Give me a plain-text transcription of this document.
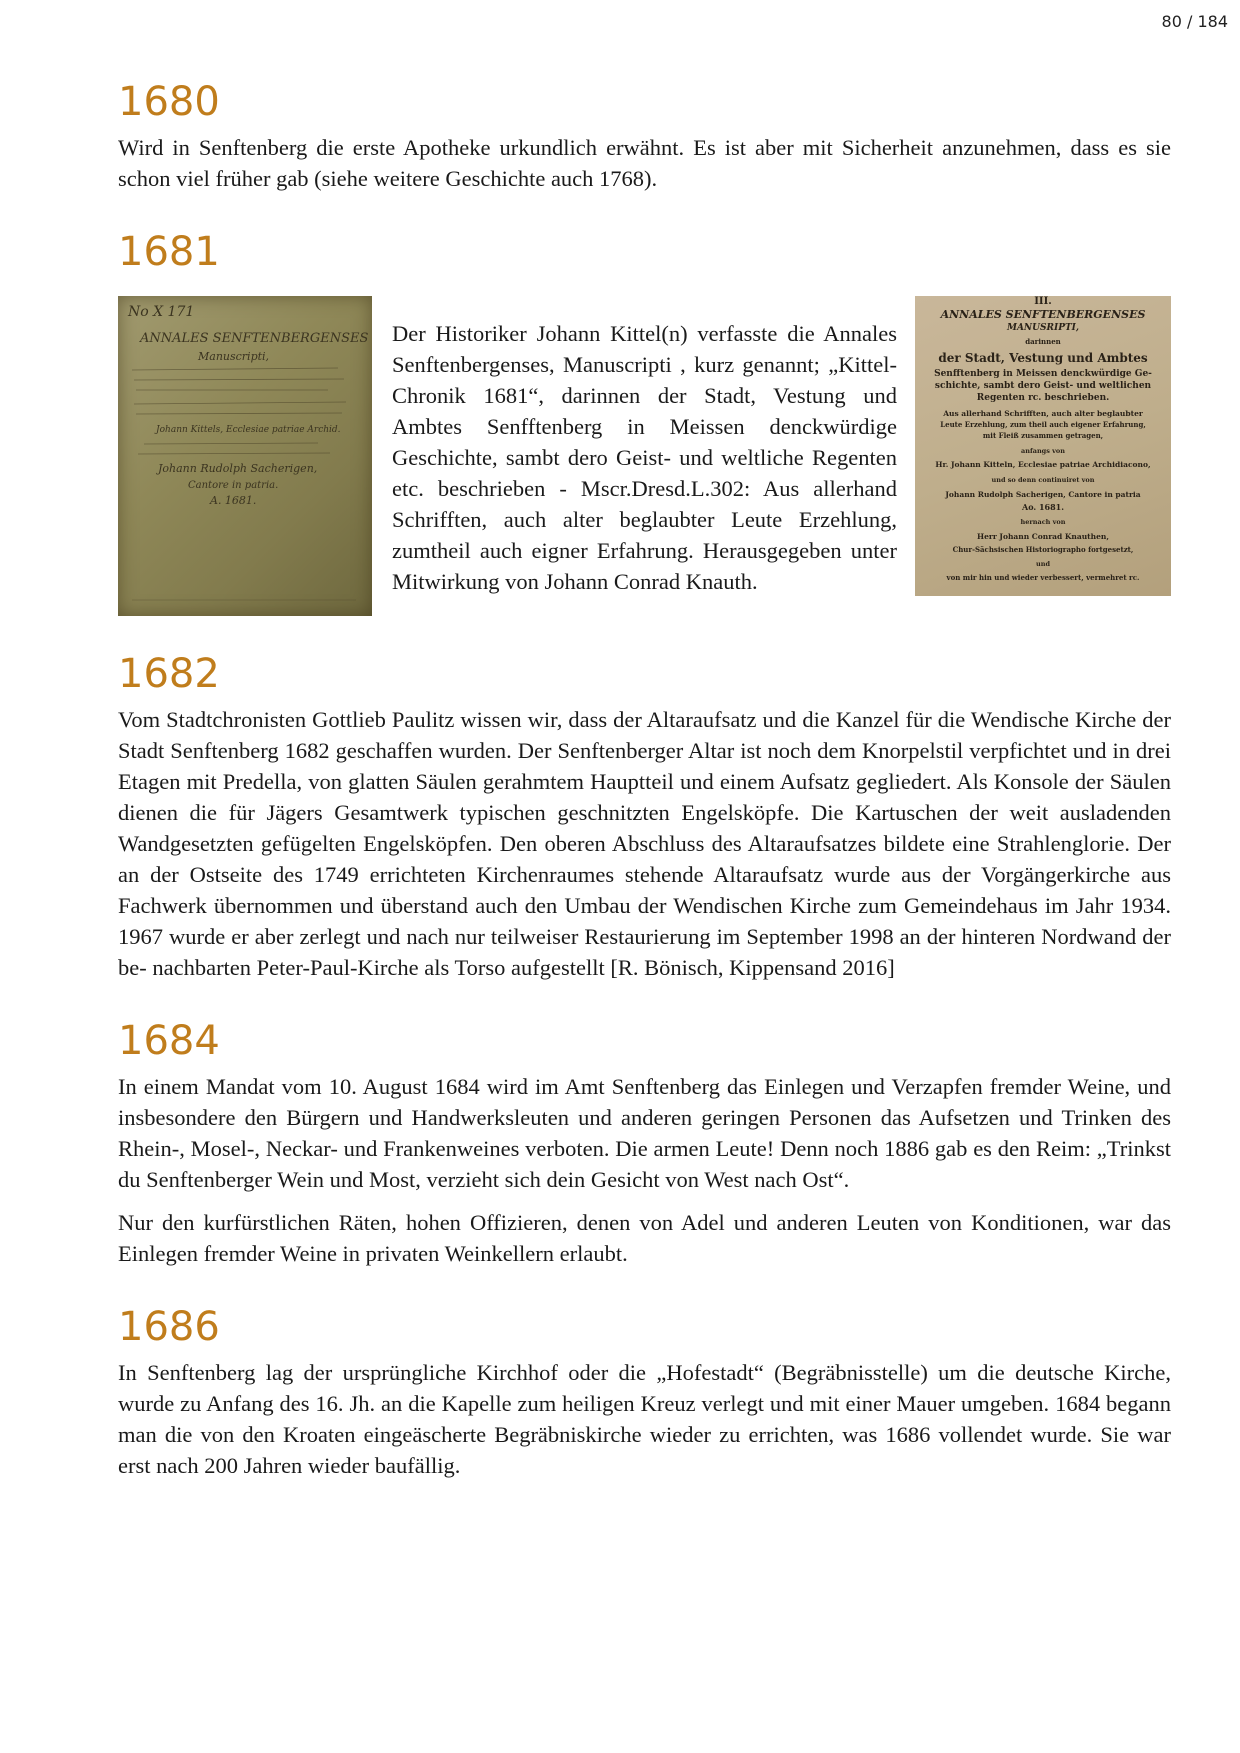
80 / 184
1680

Wird in Senftenberg die erste Apotheke urkundlich erwähnt. Es ist aber mit Sicherheit anzunehmen, dass es sie schon viel früher gab (siehe weitere Geschichte auch 1768).

1681
No X 171
ANNALES SENFTENBERGENSES
Manuscripti,
Johann Kittels, Ecclesiae patriae Archid.
Johann Rudolph Sacherigen,
Cantore in patria.
A. 1681.

Der Historiker Johann Kittel(n) verfasste die Annales Senftenbergenses, Manuscripti , kurz genannt; „Kittel-Chronik 1681“, darinnen der Stadt, Vestung und Ambtes Senfftenberg in Meissen denckwürdige Geschichte, sambt dero Geist- und weltliche Regenten etc. beschrieben - Mscr.Dresd.L.302: Aus allerhand Schrifften, auch alter beglaubter Leute Erzehlung, zumtheil auch eigner Erfahrung. Herausgegeben unter Mitwirkung von Johann Conrad Knauth.

III.
ANNALES SENFTENBERGENSES
MANUSRIPTI,
darinnen
der Stadt, Vestung und Ambtes
Senfftenberg in Meissen denckwürdige Ge-
schichte, sambt dero Geist- und weltlichen
Regenten rc. beschrieben.
Aus allerhand Schrifften, auch alter beglaubter
Leute Erzehlung, zum theil auch eigener Erfahrung,
mit Fleiß zusammen getragen,
anfangs von
Hr. Johann Kitteln, Ecclesiae patriae Archidiacono,
und so denn continuiret von
Johann Rudolph Sacherigen, Cantore in patria
Ao. 1681.
hernach von
Herr Johann Conrad Knauthen,
Chur-Sächsischen Historiographo fortgesetzt,
und
von mir hin und wieder verbessert, vermehret rc.
1682

Vom Stadtchronisten Gottlieb Paulitz wissen wir, dass der Altaraufsatz und die Kanzel für die Wendische Kirche der Stadt Senftenberg 1682 geschaffen wurden. Der Senftenberger Altar ist noch dem Knorpelstil verpfichtet und in drei Etagen mit Predella, von glatten Säulen gerahmtem Hauptteil und einem Aufsatz gegliedert. Als Konsole der Säulen dienen die für Jägers Gesamtwerk typischen geschnitzten Engelsköpfe. Die Kartuschen der weit ausladenden Wandgesetzten gefügelten Engelsköpfen. Den oberen Abschluss des Altaraufsatzes bildete eine Strahlenglorie. Der an der Ostseite des 1749 errichteten Kirchenraumes stehende Altaraufsatz wurde aus der Vorgängerkirche aus Fachwerk übernommen und überstand auch den Umbau der Wendischen Kirche zum Gemeindehaus im Jahr 1934. 1967 wurde er aber zerlegt und nach nur teilweiser Restaurierung im September 1998 an der hinteren Nordwand der be- nachbarten Peter-Paul-Kirche als Torso aufgestellt [R. Bönisch, Kippensand 2016]

1684

In einem Mandat vom 10. August 1684 wird im Amt Senftenberg das Einlegen und Verzapfen fremder Weine, und insbesondere den Bürgern und Handwerksleuten und anderen geringen Personen das Aufsetzen und Trinken des Rhein-, Mosel-, Neckar- und Frankenweines verboten. Die armen Leute! Denn noch 1886 gab es den Reim: „Trinkst du Senftenberger Wein und Most, verzieht sich dein Gesicht von West nach Ost“.

Nur den kurfürstlichen Räten, hohen Offizieren, denen von Adel und anderen Leuten von Konditionen, war das Einlegen fremder Weine in privaten Weinkellern erlaubt.

1686

In Senftenberg lag der ursprüngliche Kirchhof oder die „Hofestadt“ (Begräbnisstelle) um die deutsche Kirche, wurde zu Anfang des 16. Jh. an die Kapelle zum heiligen Kreuz verlegt und mit einer Mauer umgeben. 1684 begann man die von den Kroaten eingeäscherte Begräbniskirche wieder zu errichten, was 1686 vollendet wurde. Sie war erst nach 200 Jahren wieder baufällig.
